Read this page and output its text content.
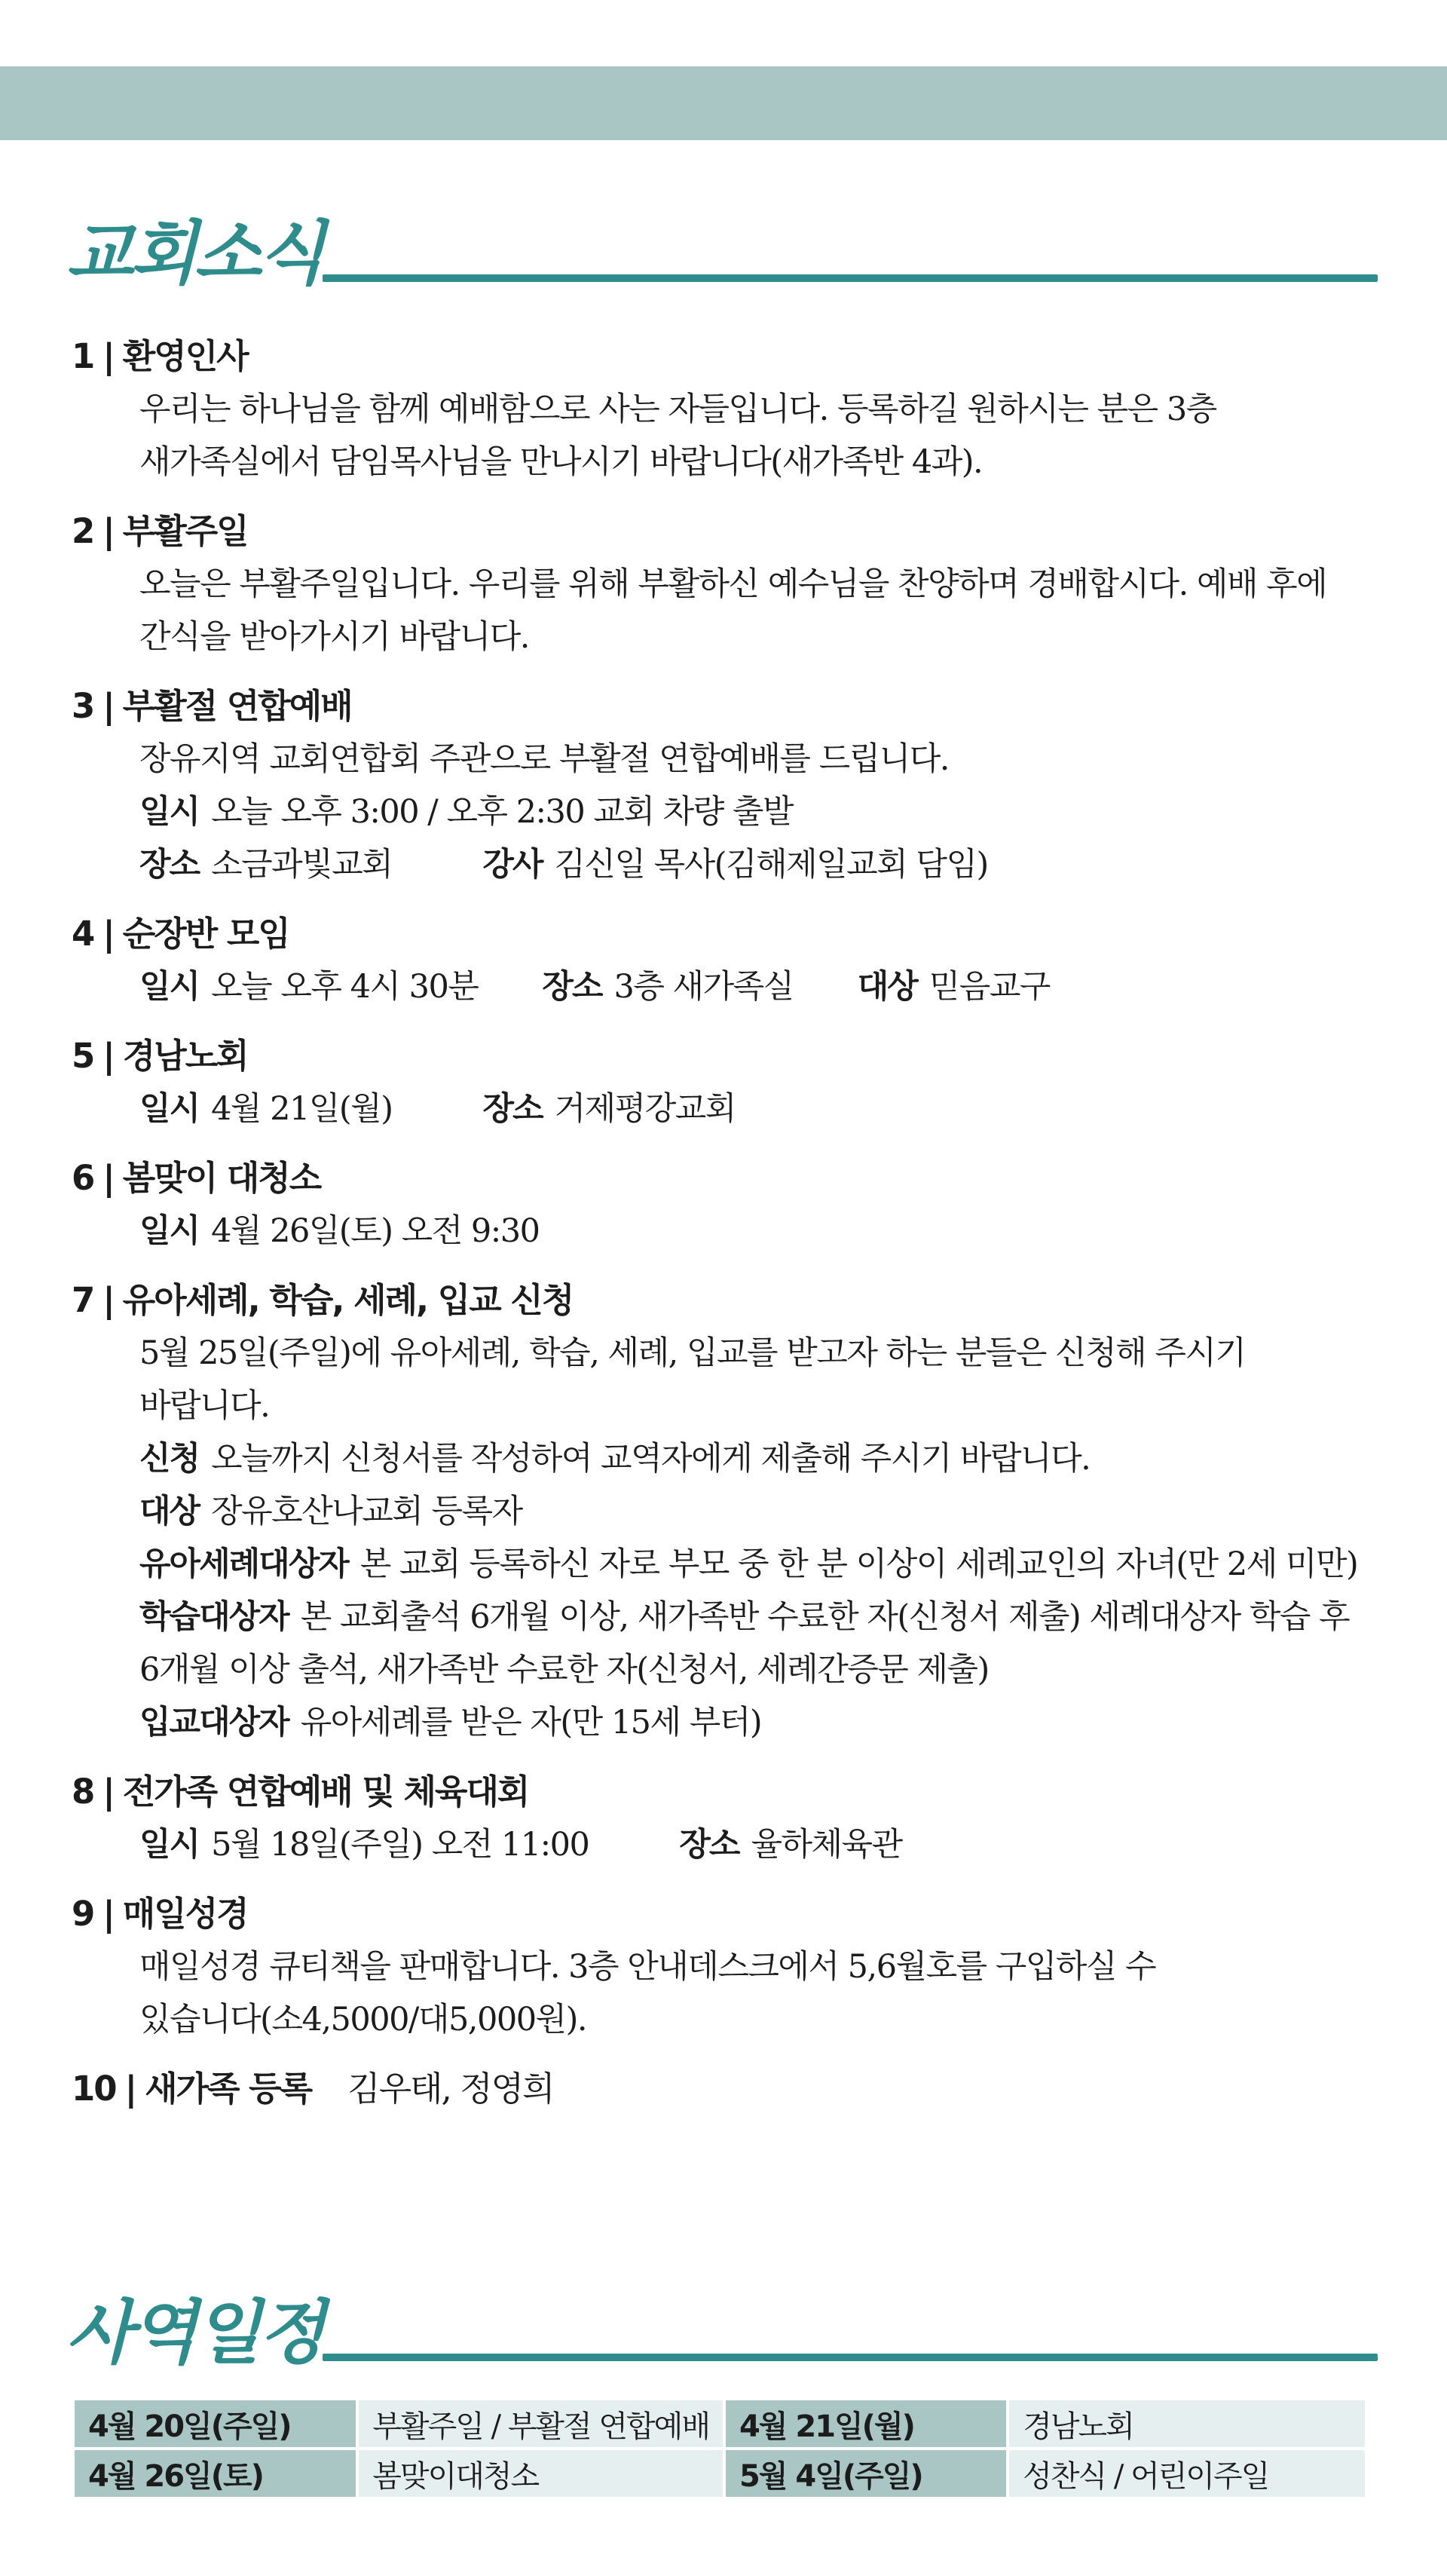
교회소식
1 | 환영인사
우리는 하나님을 함께 예배함으로 사는 자들입니다. 등록하길 원하시는 분은 3층
새가족실에서 담임목사님을 만나시기 바랍니다(새가족반 4과).
2 | 부활주일
오늘은 부활주일입니다. 우리를 위해 부활하신 예수님을 찬양하며 경배합시다. 예배 후에
간식을 받아가시기 바랍니다.
3 | 부활절 연합예배
장유지역 교회연합회 주관으로 부활절 연합예배를 드립니다.
일시 오늘 오후 3:00 / 오후 2:30 교회 차량 출발
장소 소금과빛교회	강사 김신일 목사(김해제일교회 담임)
4 | 순장반 모임
일시 오늘 오후 4시 30분 장소 3층 새가족실 대상 믿음교구
5 | 경남노회
일시 4월 21일(월)	장소 거제평강교회
6 | 봄맞이 대청소
일시 4월 26일(토) 오전 9:30
7 | 유아세례, 학습, 세례, 입교 신청
5월 25일(주일)에 유아세례, 학습, 세례, 입교를 받고자 하는 분들은 신청해 주시기
바랍니다.
신청 오늘까지 신청서를 작성하여 교역자에게 제출해 주시기 바랍니다.
대상 장유호산나교회 등록자
유아세례대상자 본 교회 등록하신 자로 부모 중 한 분 이상이 세례교인의 자녀(만 2세 미만)
학습대상자 본 교회출석 6개월 이상, 새가족반 수료한 자(신청서 제출) 세례대상자 학습 후
6개월 이상 출석, 새가족반 수료한 자(신청서, 세례간증문 제출)
입교대상자 유아세례를 받은 자(만 15세 부터)
8 | 전가족 연합예배 및 체육대회
일시 5월 18일(주일) 오전 11:00	장소 율하체육관
9 | 매일성경
매일성경 큐티책을 판매합니다. 3층 안내데스크에서 5,6월호를 구입하실 수
있습니다(소4,5000/대5,000원).
10 | 새가족 등록 김우태, 정영희
사역일정
4월 20일(주일)	부활주일 / 부활절 연합예배	4월 21일(월)	경남노회
4월 26일(토)	봄맞이대청소	5월 4일(주일)	성찬식 / 어린이주일
